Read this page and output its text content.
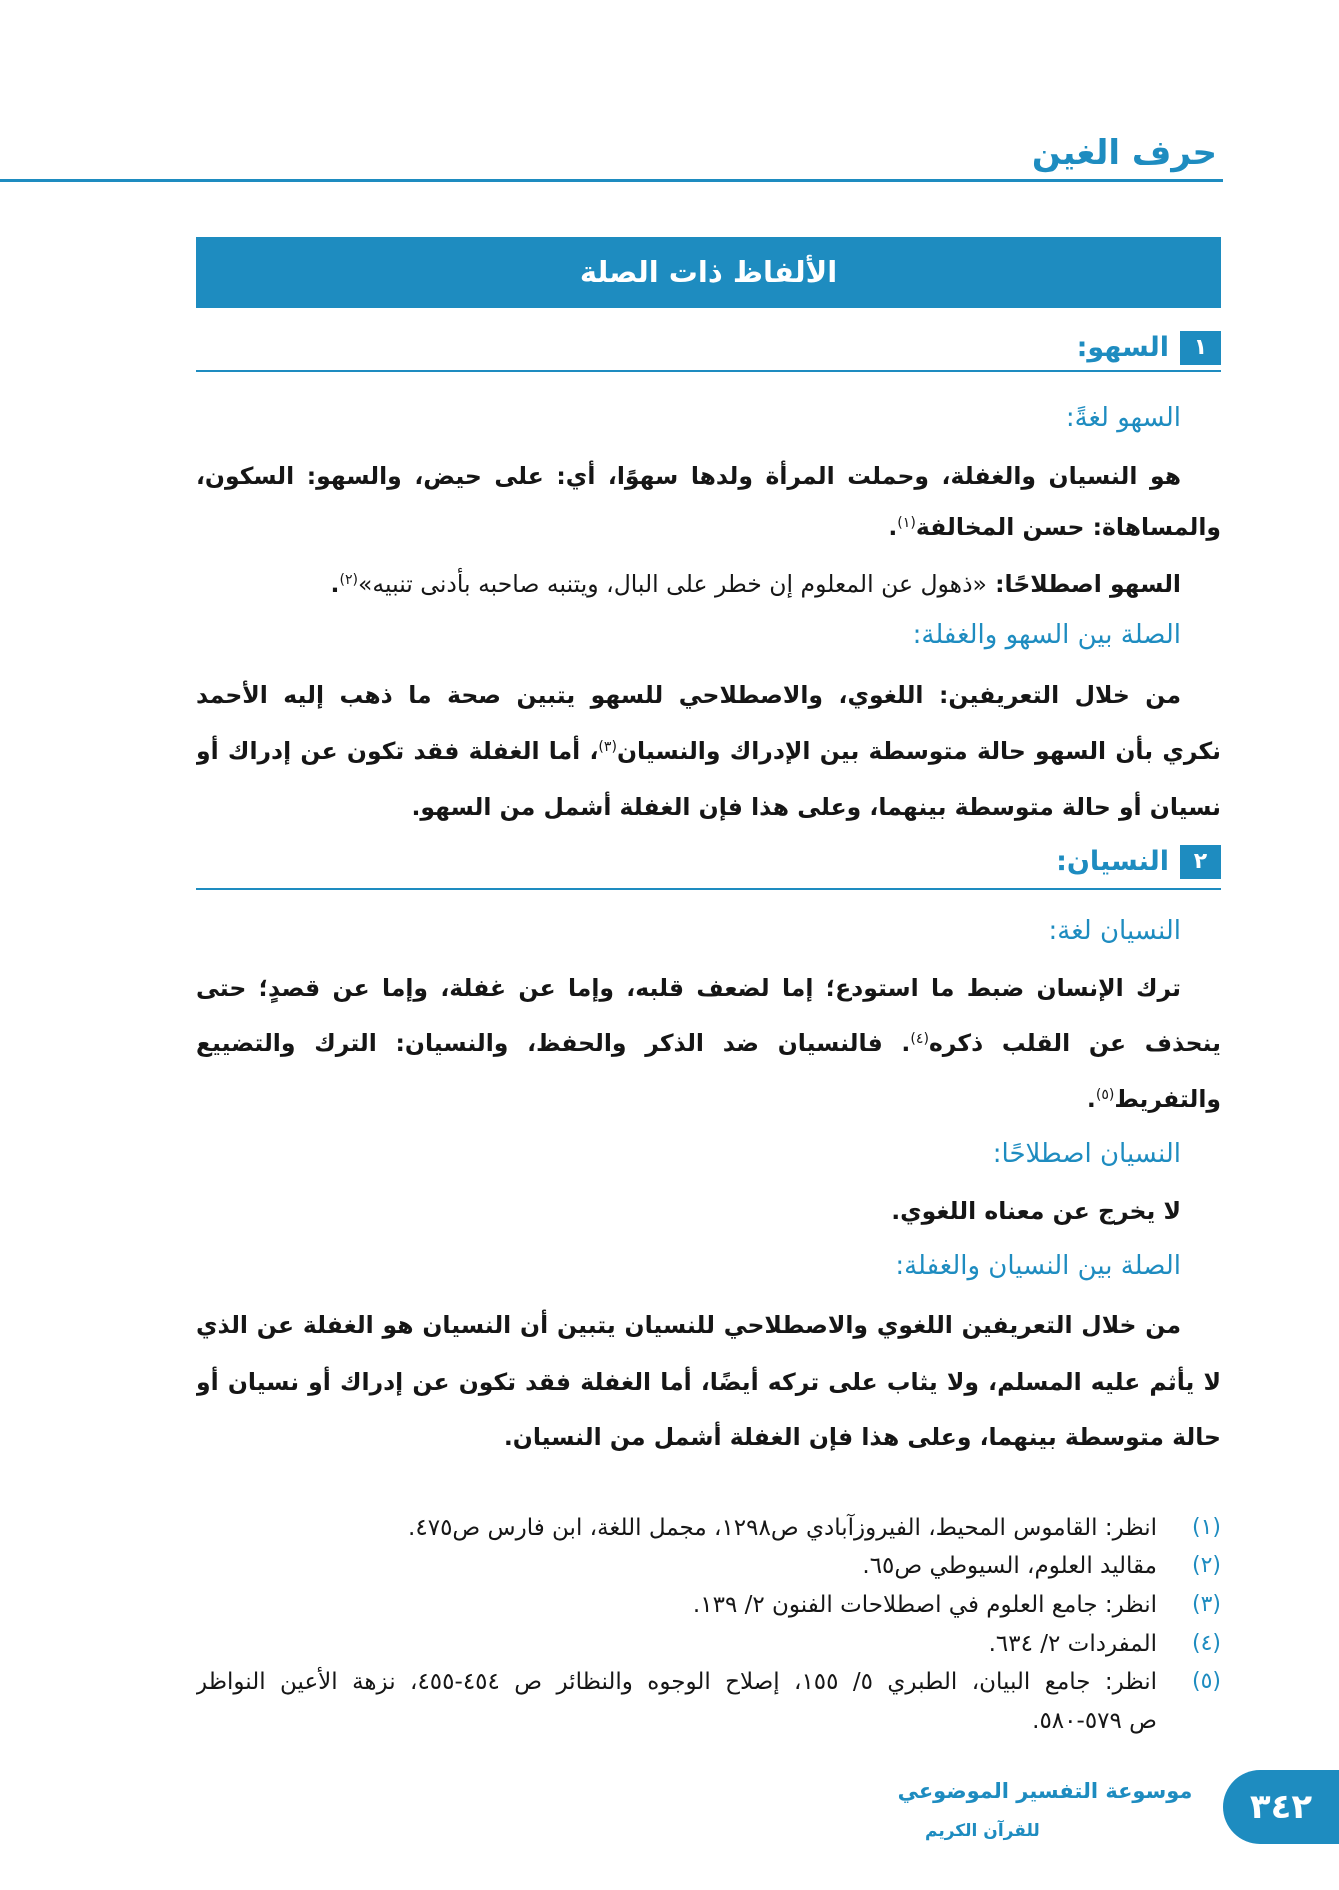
حرف الغين
الألفاظ ذات الصلة
١
السهو:
السهو لغةً:
هو النسيان والغفلة، وحملت المرأة ولدها سهوًا، أي: على حيض، والسهو: السكون،
والمساهاة: حسن المخالفة$^{(١)}$.
السهو اصطلاحًا: «ذهول عن المعلوم إن خطر على البال، ويتنبه صاحبه بأدنى تنبيه»$^{(٢)}$.
الصلة بين السهو والغفلة:
من خلال التعريفين: اللغوي، والاصطلاحي للسهو يتبين صحة ما ذهب إليه الأحمد
نكري بأن السهو حالة متوسطة بين الإدراك والنسيان$^{(٣)}$، أما الغفلة فقد تكون عن إدراك أو
نسيان أو حالة متوسطة بينهما، وعلى هذا فإن الغفلة أشمل من السهو.
٢
النسيان:
النسيان لغة:
ترك الإنسان ضبط ما استودع؛ إما لضعف قلبه، وإما عن غفلة، وإما عن قصدٍ؛ حتى
ينحذف عن القلب ذكره$^{(٤)}$. فالنسيان ضد الذكر والحفظ، والنسيان: الترك والتضييع
والتفريط$^{(٥)}$.
النسيان اصطلاحًا:
لا يخرج عن معناه اللغوي.
الصلة بين النسيان والغفلة:
من خلال التعريفين اللغوي والاصطلاحي للنسيان يتبين أن النسيان هو الغفلة عن الذي
لا يأثم عليه المسلم، ولا يثاب على تركه أيضًا، أما الغفلة فقد تكون عن إدراك أو نسيان أو
حالة متوسطة بينهما، وعلى هذا فإن الغفلة أشمل من النسيان.
(١)
انظر: القاموس المحيط، الفيروزآبادي ص١٢٩٨، مجمل اللغة، ابن فارس ص٤٧٥.
(٢)
مقاليد العلوم، السيوطي ص٦٥.
(٣)
انظر: جامع العلوم في اصطلاحات الفنون ٢/ ١٣٩.
(٤)
المفردات ٢/ ٦٣٤.
(٥)
انظر: جامع البيان، الطبري ٥/ ١٥٥، إصلاح الوجوه والنظائر ص ٤٥٤-٤٥٥، نزهة الأعين النواظر
ص ٥٧٩-٥٨٠.
موسوعة التفسير الموضوعي
للقرآن الكريم
٣٤٢
